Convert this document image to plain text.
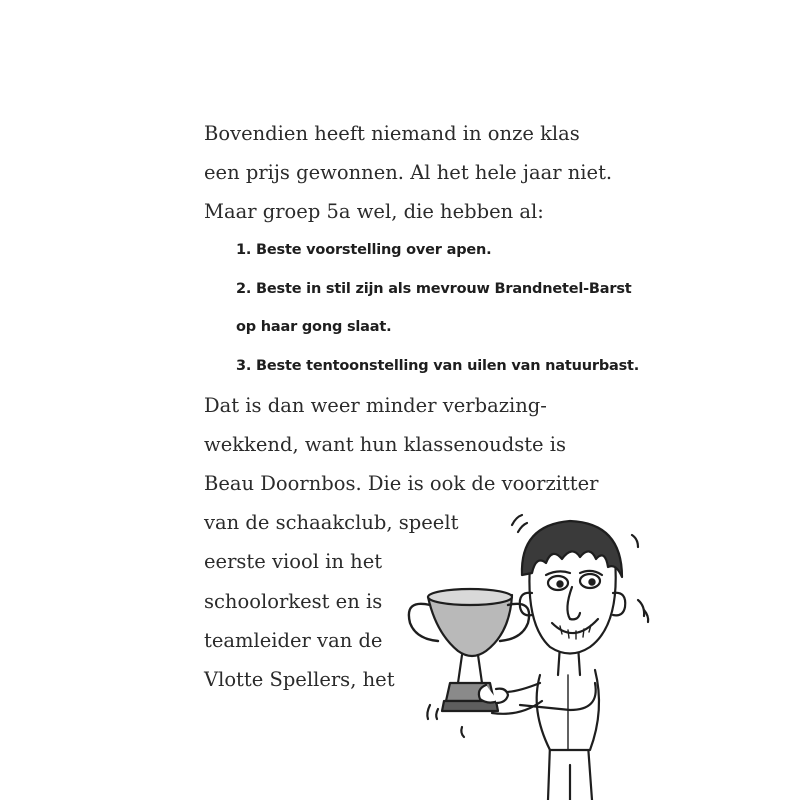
Bovendien heeft niemand in onze klas
een prijs gewonnen. Al het hele jaar niet.
Maar groep 5a wel, die hebben al:
1. Beste voorstelling over apen.
2. Beste in stil zijn als mevrouw Brandnetel-Barst
op haar gong slaat.
3. Beste tentoonstelling van uilen van natuurbast.
Dat is dan weer minder verbazing-
wekkend, want hun klassenoudste is
Beau Doornbos. Die is ook de voorzitter
van de schaakclub, speelt
eerste viool in het
schoolorkest en is
teamleider van de
Vlotte Spellers, het
